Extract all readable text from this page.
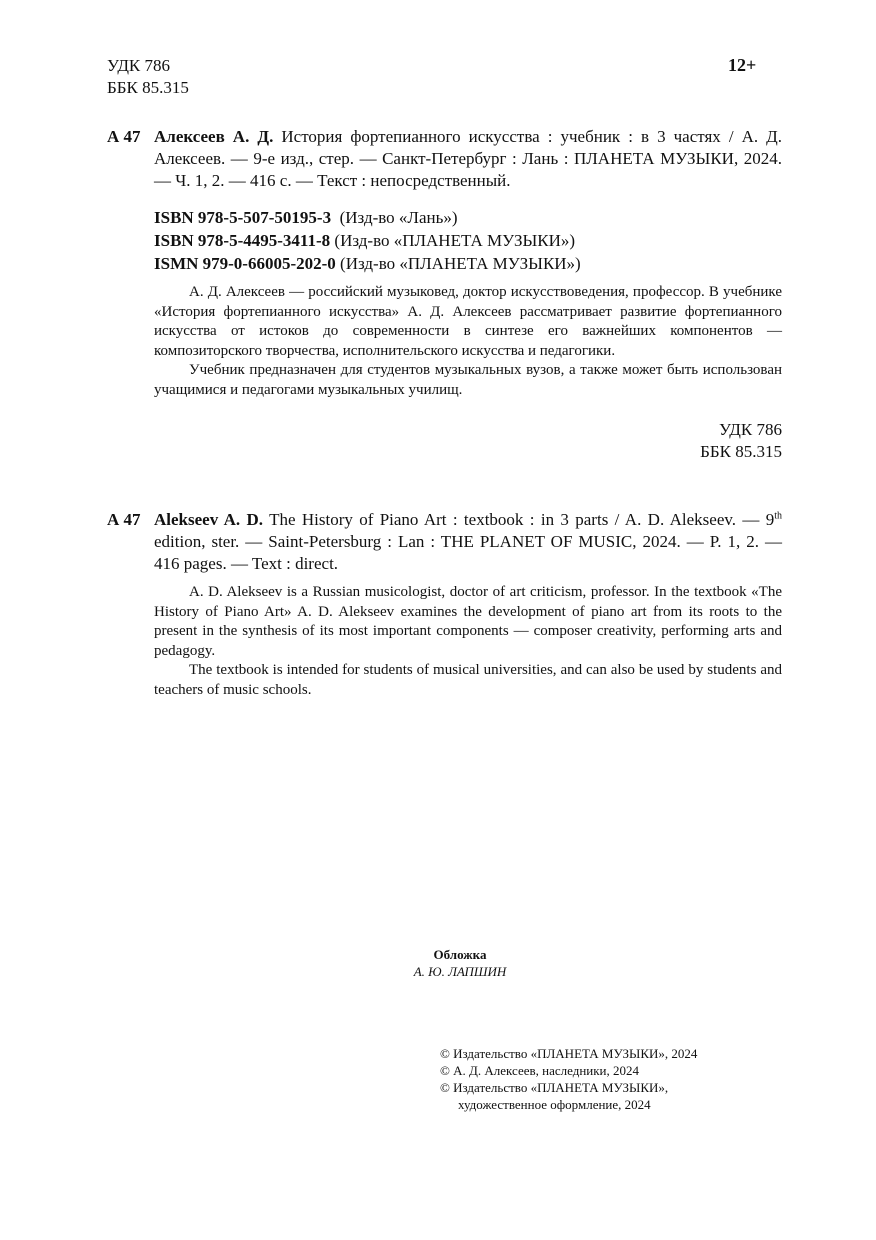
УДК 786
ББК 85.315
12+
А 47 Алексеев А. Д. История фортепианного искусства : учебник : в 3 частях / А. Д. Алексеев. — 9-е изд., стер. — Санкт-Петербург : Лань : ПЛАНЕТА МУЗЫКИ, 2024. — Ч. 1, 2. — 416 с. — Текст : непосредственный.
ISBN 978-5-507-50195-3 (Изд-во «Лань»)
ISBN 978-5-4495-3411-8 (Изд-во «ПЛАНЕТА МУЗЫКИ»)
ISMN 979-0-66005-202-0 (Изд-во «ПЛАНЕТА МУЗЫКИ»)

А. Д. Алексеев — российский музыковед, доктор искусствоведения, профессор. В учебнике «История фортепианного искусства» А. Д. Алексеев рассматривает развитие фортепианного искусства от истоков до современности в синтезе его важнейших компонентов — композиторского творчества, исполнительского искусства и педагогики.

Учебник предназначен для студентов музыкальных вузов, а также может быть использован учащимися и педагогами музыкальных училищ.

УДК 786
ББК 85.315
А 47 Alekseev A. D. The History of Piano Art : textbook : in 3 parts / A. D. Alekseev. — 9th edition, ster. — Saint-Petersburg : Lan : THE PLANET OF MUSIC, 2024. — P. 1, 2. — 416 pages. — Text : direct.

A. D. Alekseev is a Russian musicologist, doctor of art criticism, professor. In the textbook «The History of Piano Art» A. D. Alekseev examines the development of piano art from its roots to the present in the synthesis of its most important components — composer creativity, performing arts and pedagogy.

The textbook is intended for students of musical universities, and can also be used by students and teachers of music schools.

Обложка
А. Ю. ЛАПШИН
© Издательство «ПЛАНЕТА МУЗЫКИ», 2024
© А. Д. Алексеев, наследники, 2024
© Издательство «ПЛАНЕТА МУЗЫКИ»,
художественное оформление, 2024
